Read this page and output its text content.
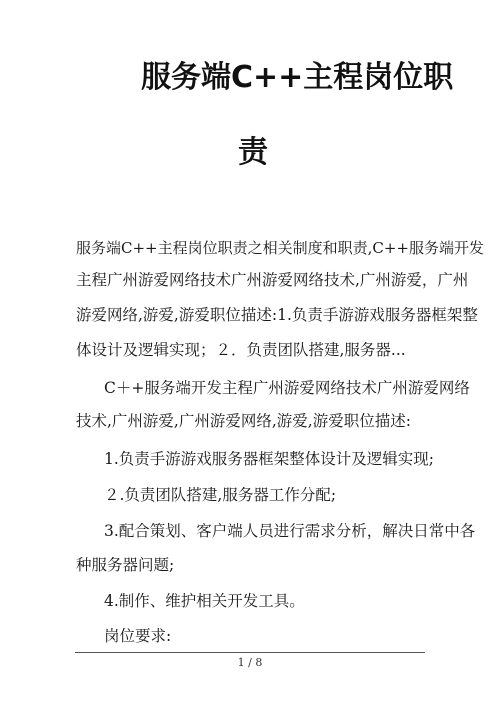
服务端C++主程岗位职
责
服务端C++主程岗位职责之相关制度和职责,C++服务端开发
主程广州游爱网络技术广州游爱网络技术,广州游爱，广州
游爱网络,游爱,游爱职位描述:1.负责手游游戏服务器框架整
体设计及逻辑实现；２．负责团队搭建,服务器...
C＋+服务端开发主程广州游爱网络技术广州游爱网络
技术,广州游爱,广州游爱网络,游爱,游爱职位描述:
1.负责手游游戏服务器框架整体设计及逻辑实现;
２.负责团队搭建,服务器工作分配;
3.配合策划、客户端人员进行需求分析，解决日常中各
种服务器问题;
4.制作、维护相关开发工具。
岗位要求:
1 / 8
